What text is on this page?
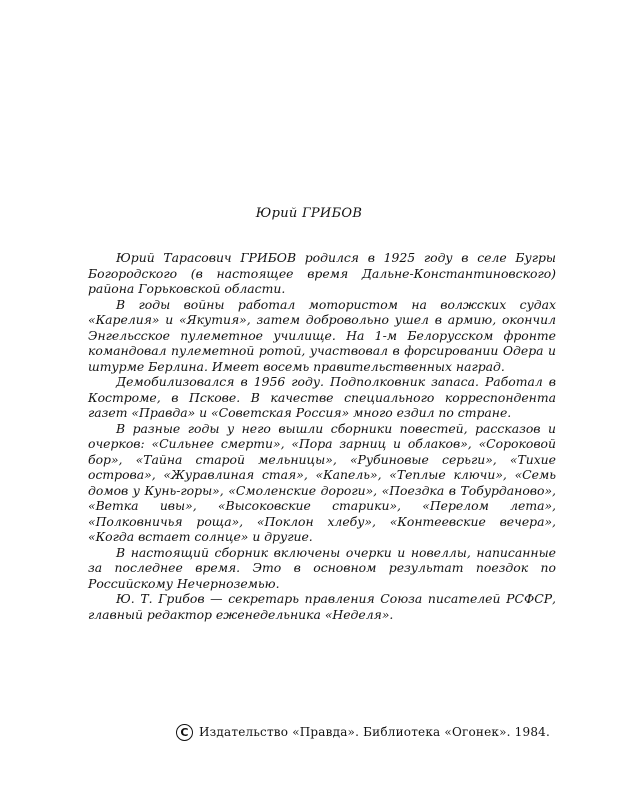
Юрий ГРИБОВ

Юрий Тарасович ГРИБОВ родился в 1925 году в селе Бугры Богородского (в настоящее время Дальне-Константиновского) района Горьковской области.

В годы войны работал мотористом на волжских судах «Карелия» и «Якутия», затем добровольно ушел в армию, окончил Энгельсское пулеметное училище. На 1-м Белорусском фронте командовал пулеметной ротой, участвовал в форсировании Одера и штурме Берлина. Имеет восемь правительственных наград.

Демобилизовался в 1956 году. Подполковник запаса. Работал в Костроме, в Пскове. В качестве специального корреспондента газет «Правда» и «Советская Россия» много ездил по стране.

В разные годы у него вышли сборники повестей, рассказов и очерков: «Сильнее смерти», «Пора зарниц и облаков», «Сороковой бор», «Тайна старой мельницы», «Рубиновые серьги», «Тихие острова», «Журавлиная стая», «Капель», «Теплые ключи», «Семь домов у Кунь-горы», «Смоленские дороги», «Поездка в Тобурданово», «Ветка ивы», «Высоковские старики», «Перелом лета», «Полковничья роща», «Поклон хлебу», «Контеевские вечера», «Когда встает солнце» и другие.

В настоящий сборник включены очерки и новеллы, написанные за последнее время. Это в основном результат поездок по Российскому Нечерноземью.

Ю. Т. Грибов — секретарь правления Союза писателей РСФСР, главный редактор еженедельника «Неделя».

C Издательство «Правда». Библиотека «Огонек». 1984.
